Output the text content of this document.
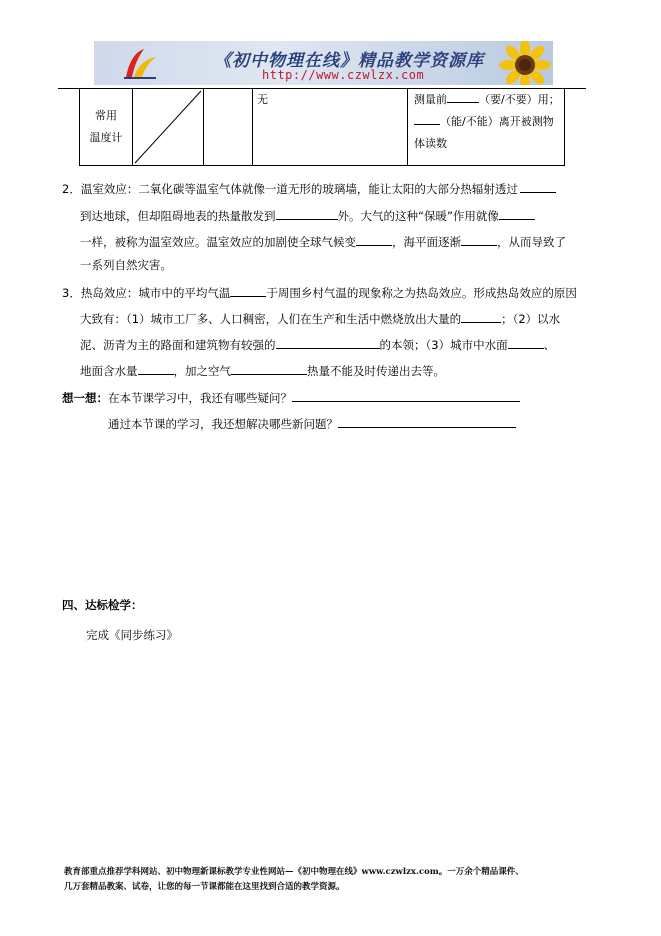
《初中物理在线》精品教学资源库
http://www.czwlzx.com
常用
温度计

		无	测量前	（要/不要）用；
（能/不能）离开被测物
体读数
2．温室效应：二氧化碳等温室气体就像一道无形的玻璃墙，能让太阳的大部分热辐射透过
到达地球，但却阻碍地表的热量散发到	外。大气的这种“保暖”作用就像
一样，被称为温室效应。温室效应的加剧使全球气候变	，海平面逐渐	，从而导致了
一系列自然灾害。
3．热岛效应：城市中的平均气温	于周围乡村气温的现象称之为热岛效应。形成热岛效应的原因
大致有：（1）城市工厂多、人口稠密，人们在生产和生活中燃烧放出大量的	；（2）以水
泥、沥青为主的路面和建筑物有较强的	的本领；（3）城市中水面	、
地面含水量	，加之空气	热量不能及时传递出去等。
想一想：在本节课学习中，我还有哪些疑问？
通过本节课的学习，我还想解决哪些新问题？
四、达标检学：
完成《同步练习》
教育部重点推荐学科网站、初中物理新课标教学专业性网站—《初中物理在线》www.czwlzx.com。一万余个精品课件、
几万套精品教案、试卷，让您的每一节课都能在这里找到合适的教学资源。
